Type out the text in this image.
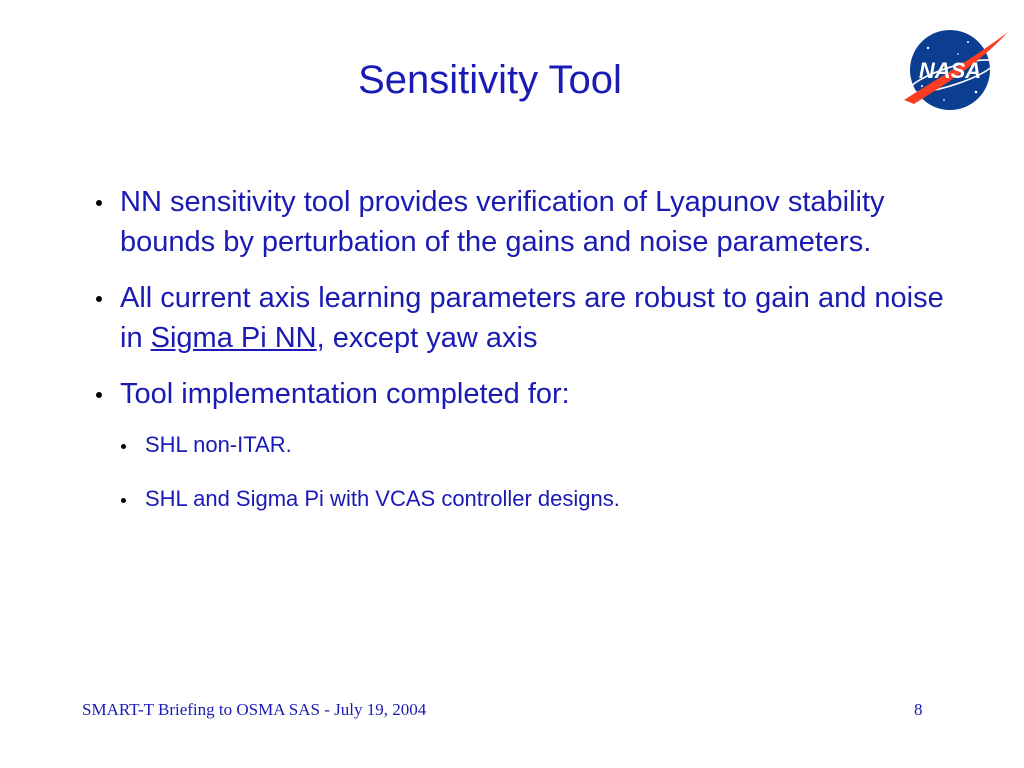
Sensitivity Tool	NASA
NN sensitivity tool provides verification of Lyapunov stability bounds by perturbation of the gains and noise parameters.
All current axis learning parameters are robust to gain and noise in Sigma Pi NN, except yaw axis
Tool implementation completed for:
SHL non-ITAR.
SHL and Sigma Pi with VCAS controller designs.
SMART-T Briefing to OSMA SAS - July 19, 2004	8
